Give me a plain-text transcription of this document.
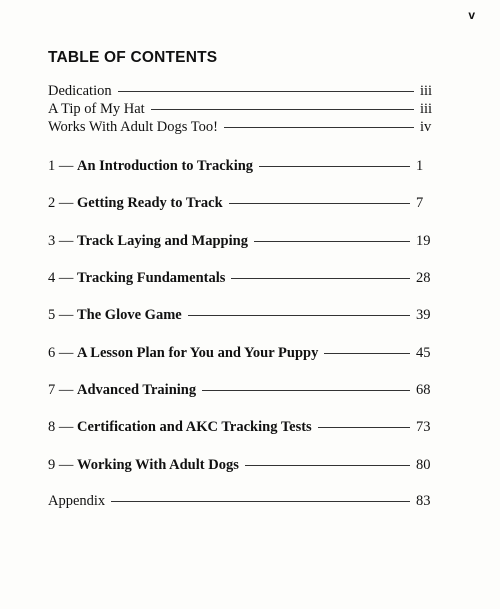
v
TABLE OF CONTENTS
Dedication	iii
A Tip of My Hat	iii
Works With Adult Dogs Too!	iv
1 — An Introduction to Tracking	1
2 — Getting Ready to Track	7
3 — Track Laying and Mapping	19
4 — Tracking Fundamentals	28
5 — The Glove Game	39
6 — A Lesson Plan for You and Your Puppy	45
7 — Advanced Training	68
8 — Certification and AKC Tracking Tests	73
9 — Working With Adult Dogs	80
Appendix	83
